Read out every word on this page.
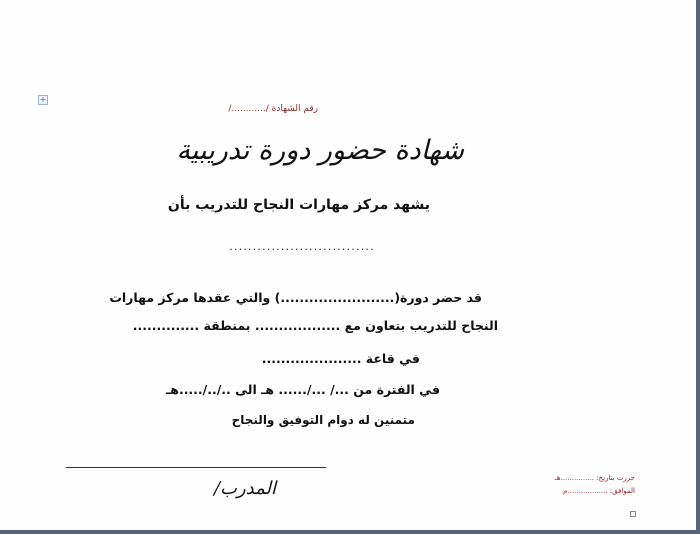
+
رقم الشهادة /............/
شهادة حضور دورة تدريبية
يشهد مركز مهارات النجاح للتدريب بأن
...............................
قد حضر دورة(........................) والتي عقدها مركز مهارات
النجاح للتدريب بتعاون مع .................. بمنطقة ..............
في قاعة .....................
في الفترة من .../ .../...... هـ الى ../../.....هـ
متمنين له دوام التوفيق والنجاح
المدرب/	حررت بتاريخ: ...............هـ
الموافق: ..................م
